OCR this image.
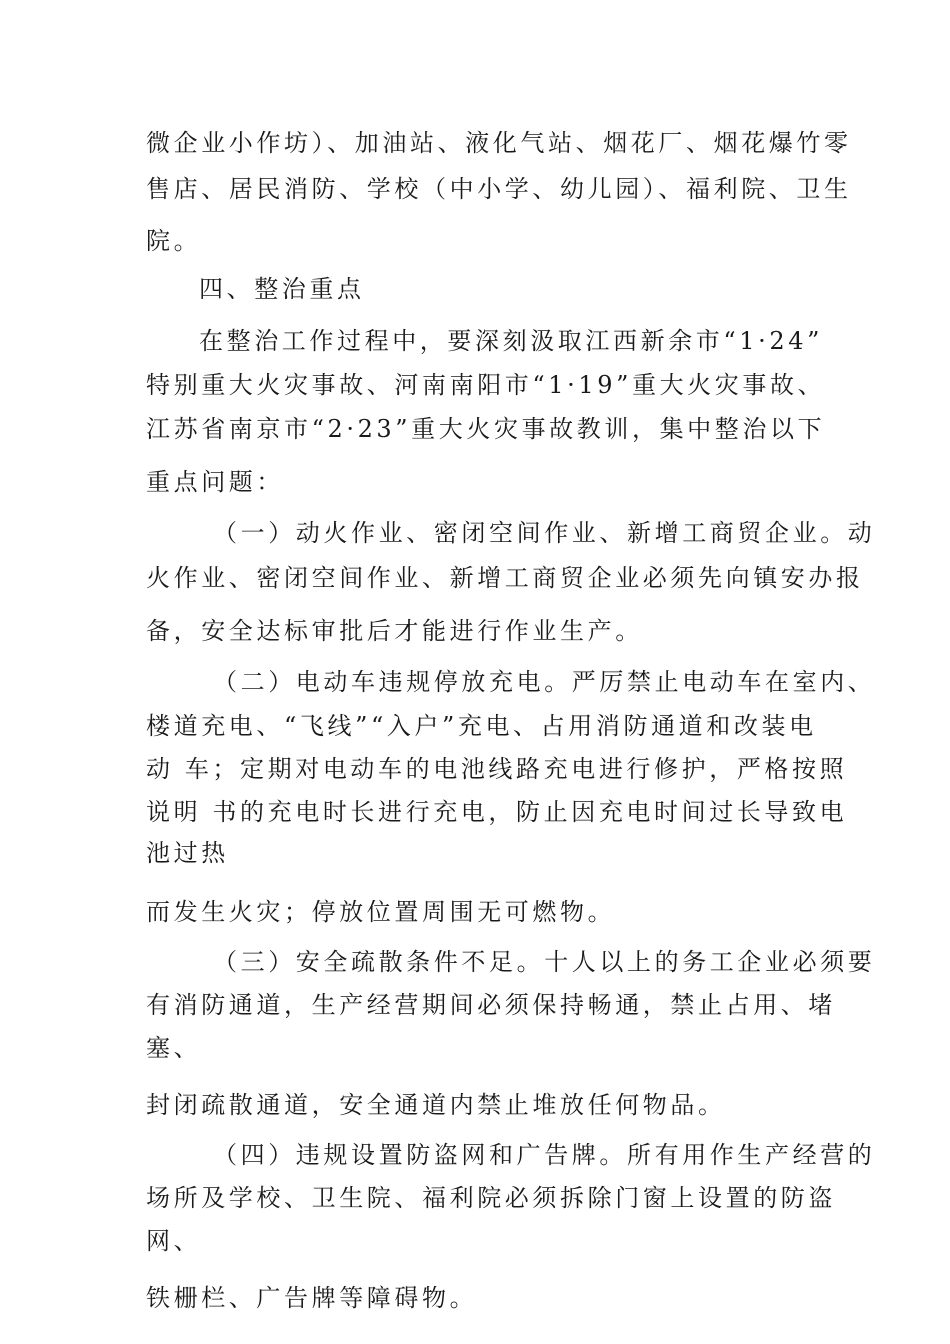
微企业小作坊）、加油站、液化气站、烟花厂、烟花爆竹零
售店、居民消防、学校（中小学、幼儿园）、福利院、卫生
院。
四、整治重点
在整治工作过程中，要深刻汲取江西新余市“1·24”
特别重大火灾事故、河南南阳市“1·19”重大火灾事故、
江苏省南京市“2·23”重大火灾事故教训，集中整治以下
重点问题：
（一）动火作业、密闭空间作业、新增工商贸企业。动
火作业、密闭空间作业、新增工商贸企业必须先向镇安办报
备，安全达标审批后才能进行作业生产。
（二）电动车违规停放充电。严厉禁止电动车在室内、
楼道充电、“飞线”“入户”充电、占用消防通道和改装电
动 车；定期对电动车的电池线路充电进行修护，严格按照
说明 书的充电时长进行充电，防止因充电时间过长导致电
池过热
而发生火灾；停放位置周围无可燃物。
（三）安全疏散条件不足。十人以上的务工企业必须要
有消防通道，生产经营期间必须保持畅通，禁止占用、堵
塞、
封闭疏散通道，安全通道内禁止堆放任何物品。
（四）违规设置防盗网和广告牌。所有用作生产经营的
场所及学校、卫生院、福利院必须拆除门窗上设置的防盗
网、
铁栅栏、广告牌等障碍物。
